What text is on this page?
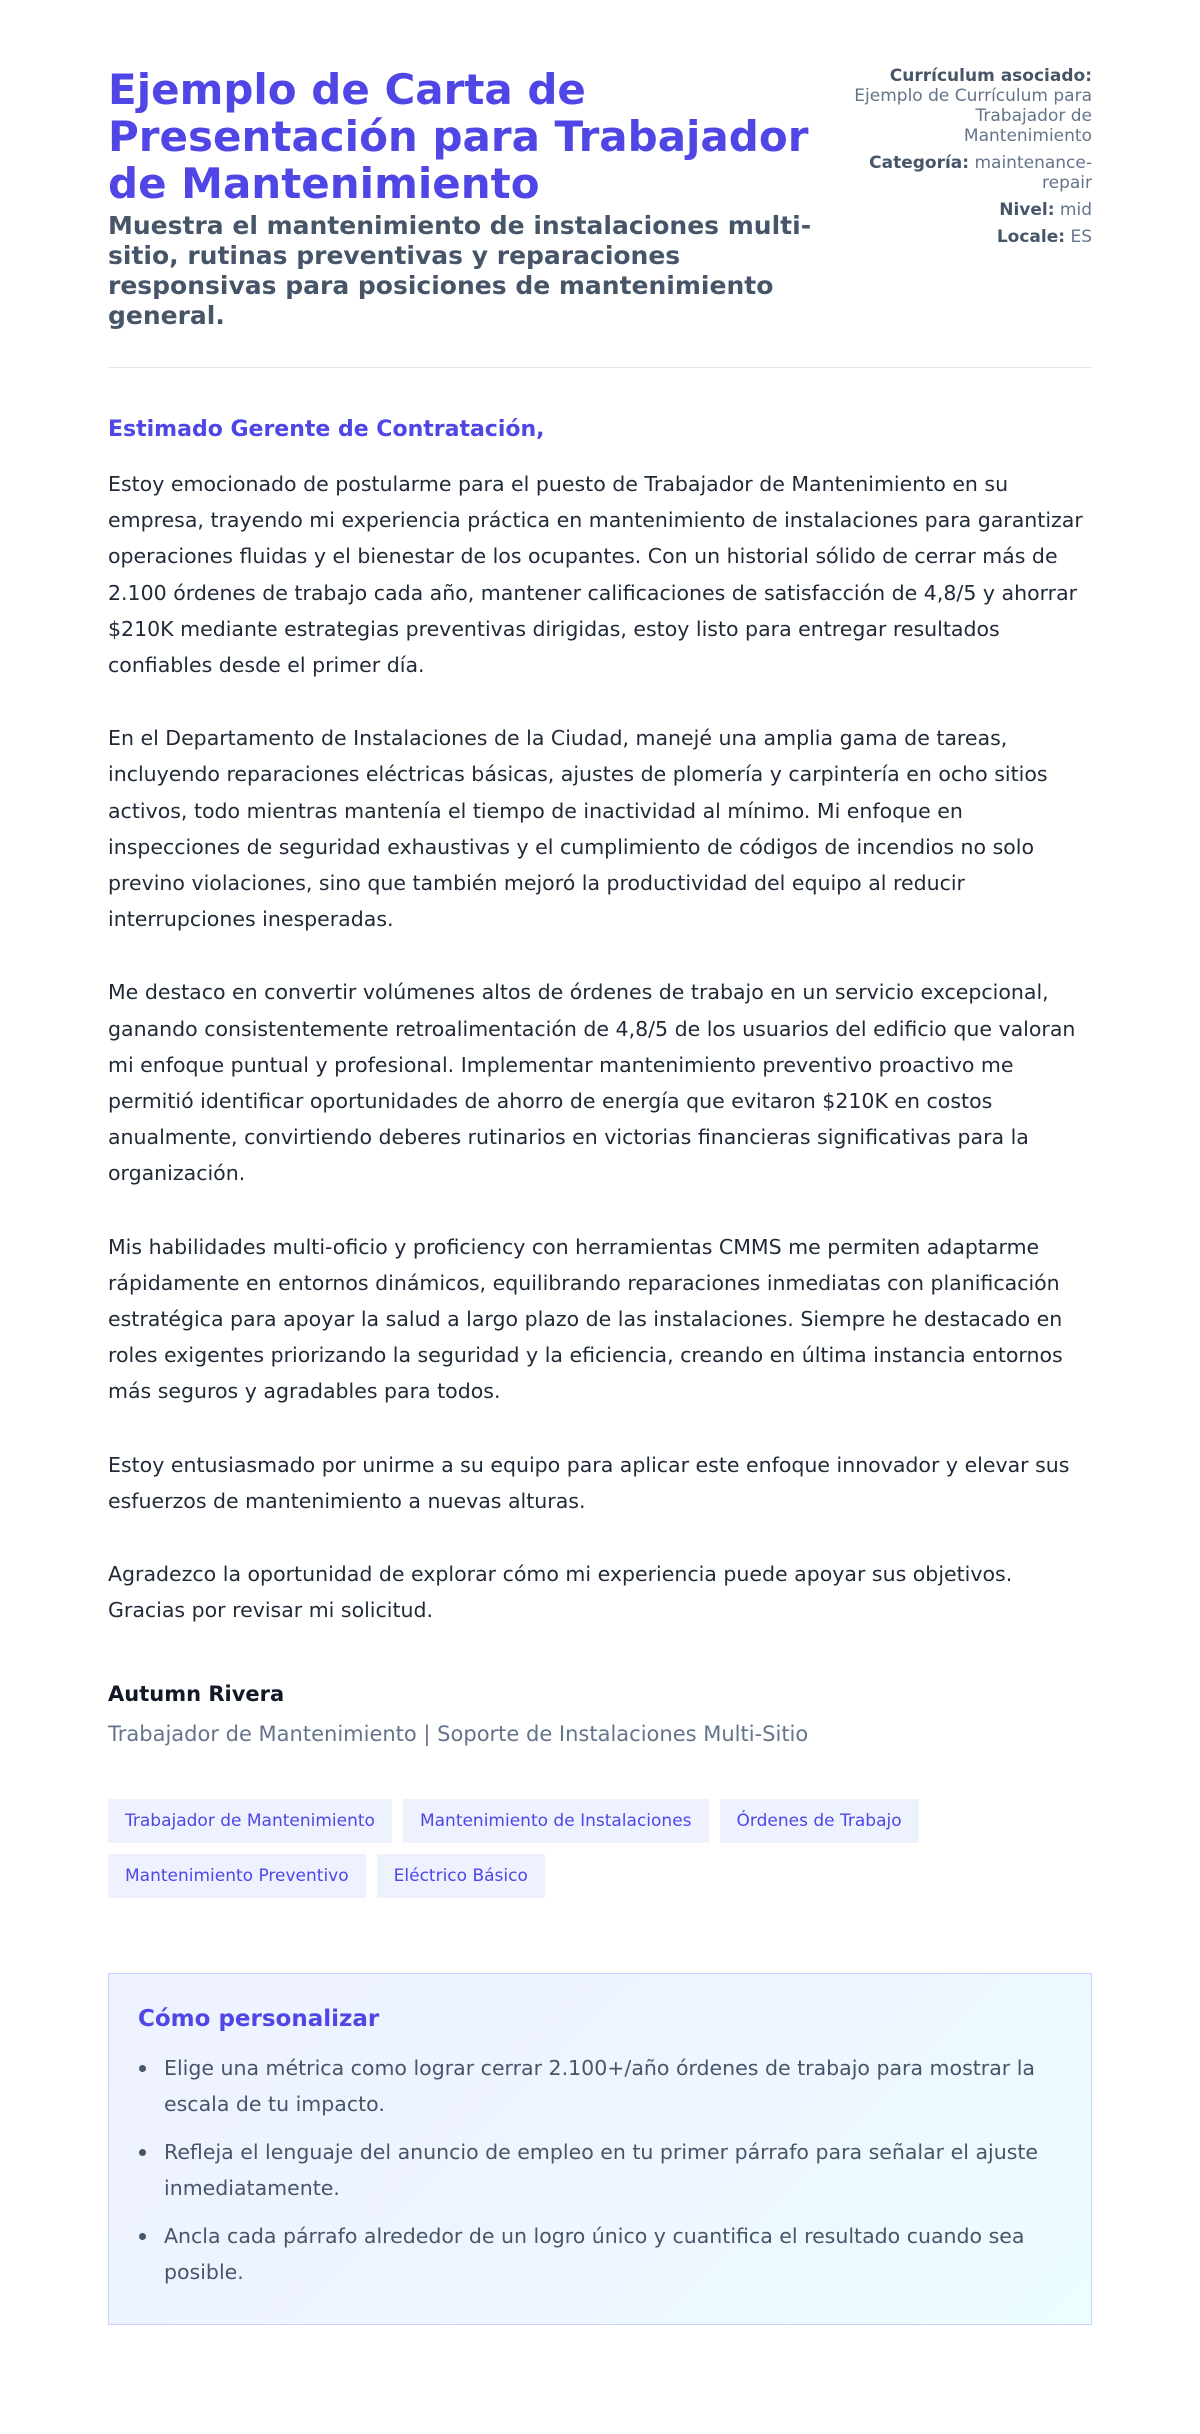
Ejemplo de Carta de Presentación para Trabajador de Mantenimiento

Muestra el mantenimiento de instalaciones multi-sitio, rutinas preventivas y reparaciones responsivas para posiciones de mantenimiento general.

Currículum asociado:
Ejemplo de Currículum para Trabajador de Mantenimiento
Categoría: maintenance-repair
Nivel: mid
Locale: ES

Estimado Gerente de Contratación,

Estoy emocionado de postularme para el puesto de Trabajador de Mantenimiento en su empresa, trayendo mi experiencia práctica en mantenimiento de instalaciones para garantizar operaciones fluidas y el bienestar de los ocupantes. Con un historial sólido de cerrar más de 2.100 órdenes de trabajo cada año, mantener calificaciones de satisfacción de 4,8/5 y ahorrar $210K mediante estrategias preventivas dirigidas, estoy listo para entregar resultados confiables desde el primer día.

En el Departamento de Instalaciones de la Ciudad, manejé una amplia gama de tareas, incluyendo reparaciones eléctricas básicas, ajustes de plomería y carpintería en ocho sitios activos, todo mientras mantenía el tiempo de inactividad al mínimo. Mi enfoque en inspecciones de seguridad exhaustivas y el cumplimiento de códigos de incendios no solo previno violaciones, sino que también mejoró la productividad del equipo al reducir interrupciones inesperadas.

Me destaco en convertir volúmenes altos de órdenes de trabajo en un servicio excepcional, ganando consistentemente retroalimentación de 4,8/5 de los usuarios del edificio que valoran mi enfoque puntual y profesional. Implementar mantenimiento preventivo proactivo me permitió identificar oportunidades de ahorro de energía que evitaron $210K en costos anualmente, convirtiendo deberes rutinarios en victorias financieras significativas para la organización.

Mis habilidades multi-oficio y proficiency con herramientas CMMS me permiten adaptarme rápidamente en entornos dinámicos, equilibrando reparaciones inmediatas con planificación estratégica para apoyar la salud a largo plazo de las instalaciones. Siempre he destacado en roles exigentes priorizando la seguridad y la eficiencia, creando en última instancia entornos más seguros y agradables para todos.

Estoy entusiasmado por unirme a su equipo para aplicar este enfoque innovador y elevar sus esfuerzos de mantenimiento a nuevas alturas.

Agradezco la oportunidad de explorar cómo mi experiencia puede apoyar sus objetivos. Gracias por revisar mi solicitud.

Autumn Rivera

Trabajador de Mantenimiento | Soporte de Instalaciones Multi-Sitio

Trabajador de Mantenimiento	Mantenimiento de Instalaciones	Órdenes de Trabajo
Mantenimiento Preventivo	Eléctrico Básico
Cómo personalizar
Elige una métrica como lograr cerrar 2.100+/año órdenes de trabajo para mostrar la escala de tu impacto.
Refleja el lenguaje del anuncio de empleo en tu primer párrafo para señalar el ajuste inmediatamente.
Ancla cada párrafo alrededor de un logro único y cuantifica el resultado cuando sea posible.
